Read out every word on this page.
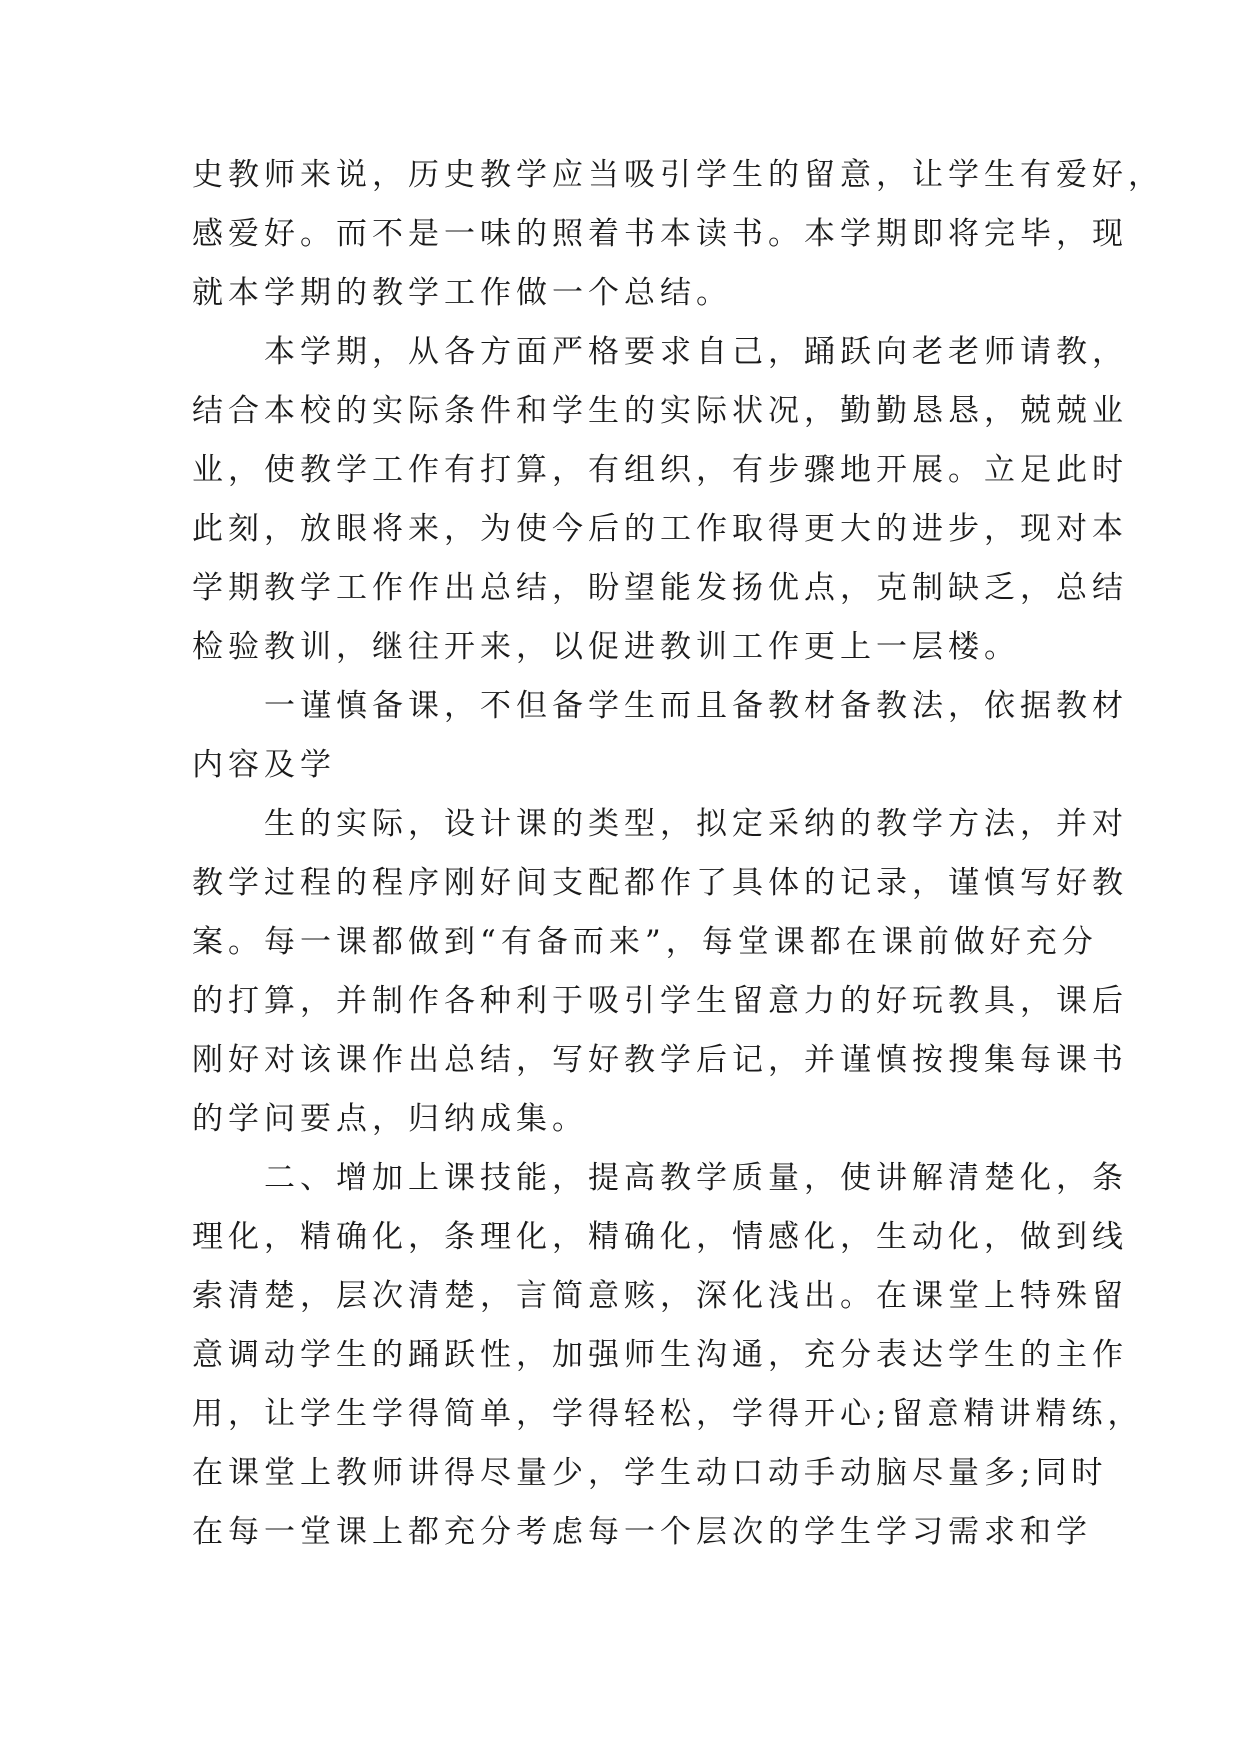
史教师来说，历史教学应当吸引学生的留意，让学生有爱好，
感爱好。而不是一味的照着书本读书。本学期即将完毕，现
就本学期的教学工作做一个总结。
　　本学期，从各方面严格要求自己，踊跃向老老师请教，
结合本校的实际条件和学生的实际状况，勤勤恳恳，兢兢业
业，使教学工作有打算，有组织，有步骤地开展。立足此时
此刻，放眼将来，为使今后的工作取得更大的进步，现对本
学期教学工作作出总结，盼望能发扬优点，克制缺乏，总结
检验教训，继往开来，以促进教训工作更上一层楼。
　　一谨慎备课，不但备学生而且备教材备教法，依据教材
内容及学
　　生的实际，设计课的类型，拟定采纳的教学方法，并对
教学过程的程序刚好间支配都作了具体的记录，谨慎写好教
案。每一课都做到“有备而来”，每堂课都在课前做好充分
的打算，并制作各种利于吸引学生留意力的好玩教具，课后
刚好对该课作出总结，写好教学后记，并谨慎按搜集每课书
的学问要点，归纳成集。
　　二、增加上课技能，提高教学质量，使讲解清楚化，条
理化，精确化，条理化，精确化，情感化，生动化，做到线
索清楚，层次清楚，言简意赅，深化浅出。在课堂上特殊留
意调动学生的踊跃性，加强师生沟通，充分表达学生的主作
用，让学生学得简单，学得轻松，学得开心;留意精讲精练，
在课堂上教师讲得尽量少，学生动口动手动脑尽量多;同时
在每一堂课上都充分考虑每一个层次的学生学习需求和学
